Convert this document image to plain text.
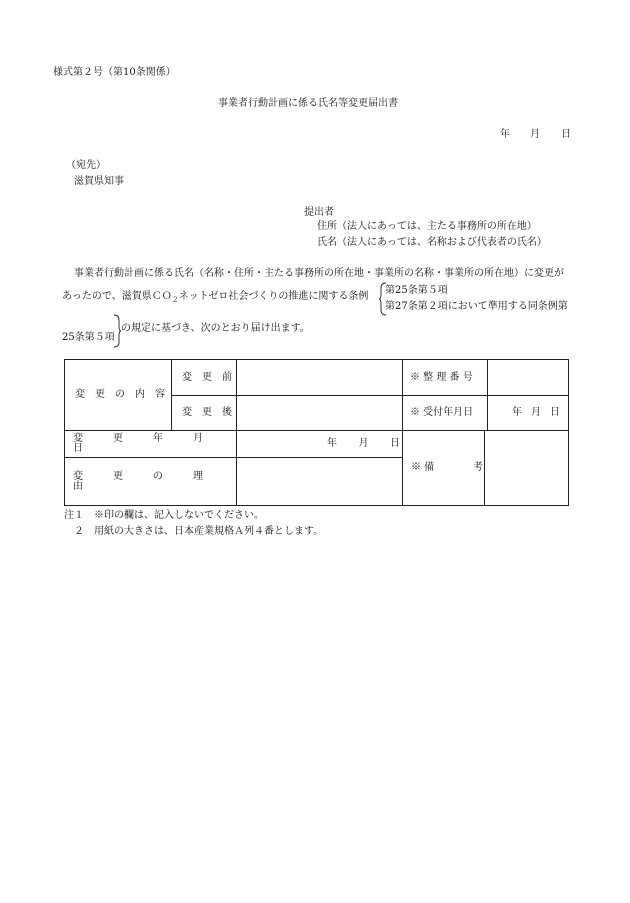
様式第２号（第10条関係）
事業者行動計画に係る氏名等変更届出書
年 月 日
（宛先）
滋賀県知事
提出者
住所（法人にあっては、主たる事務所の所在地）
氏名（法人にあっては、名称および代表者の氏名）
事業者行動計画に係る氏名（名称・住所・主たる事務所の所在地・事業所の名称・事業所の所在地）に変更が
あったので、滋賀県ＣＯ$_2$ネットゼロ社会づくりの推進に関する条例
第25条第５項
第27条第２項において準用する同条例第
25条第５項
の規定に基づき、次のとおり届け出ます。
変　更　の　内　容	変　更　前		※ 整 理 番 号	
	変　更　後		※ 受付年月日	年 月 日

変　　　更　　　年　　　月　　　日		年 月 日	※ 備 考	

変　　　更　　　の　　　理　　　由				
注１　※印の欄は、記入しないでください。
　２　用紙の大きさは、日本産業規格Ａ列４番とします。
